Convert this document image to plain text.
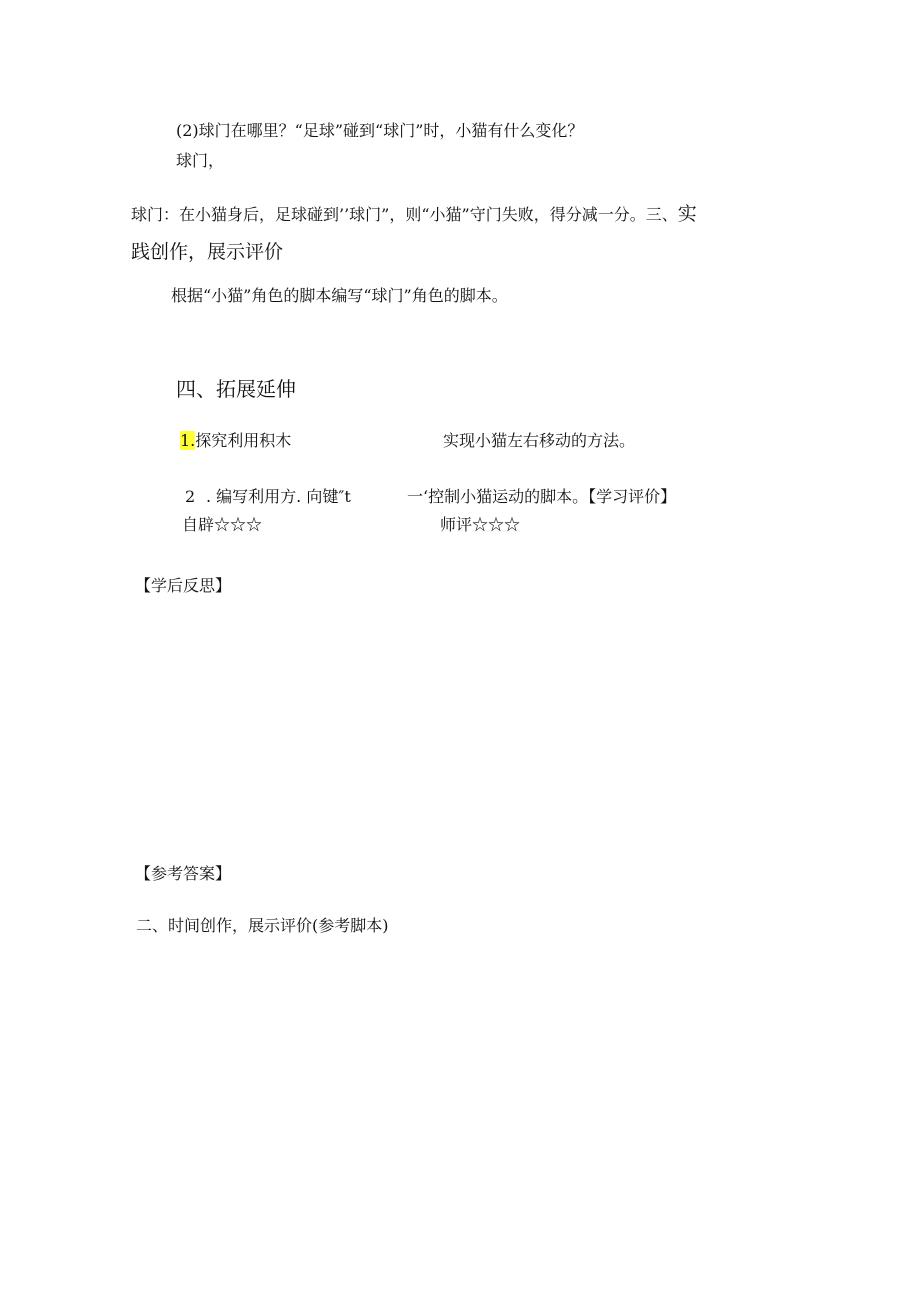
(2)球门在哪里？“足球”碰到“球门”时，小猫有什么变化？
球门，
球门：在小猫身后，足球碰到’’球门”，则“小猫”守门失败，得分减一分。三、实
践创作，展示评价
根据“小猫”角色的脚本编写“球门”角色的脚本。
四、拓展延伸
1.探究利用积木	实现小猫左右移动的方法。
2 . 编写利用方. 向键″t	一‘控制小猫运动的脚本。【学习评价】
自辟☆☆☆	师评☆☆☆
【学后反思】
【参考答案】
二、时间创作，展示评价(参考脚本)
